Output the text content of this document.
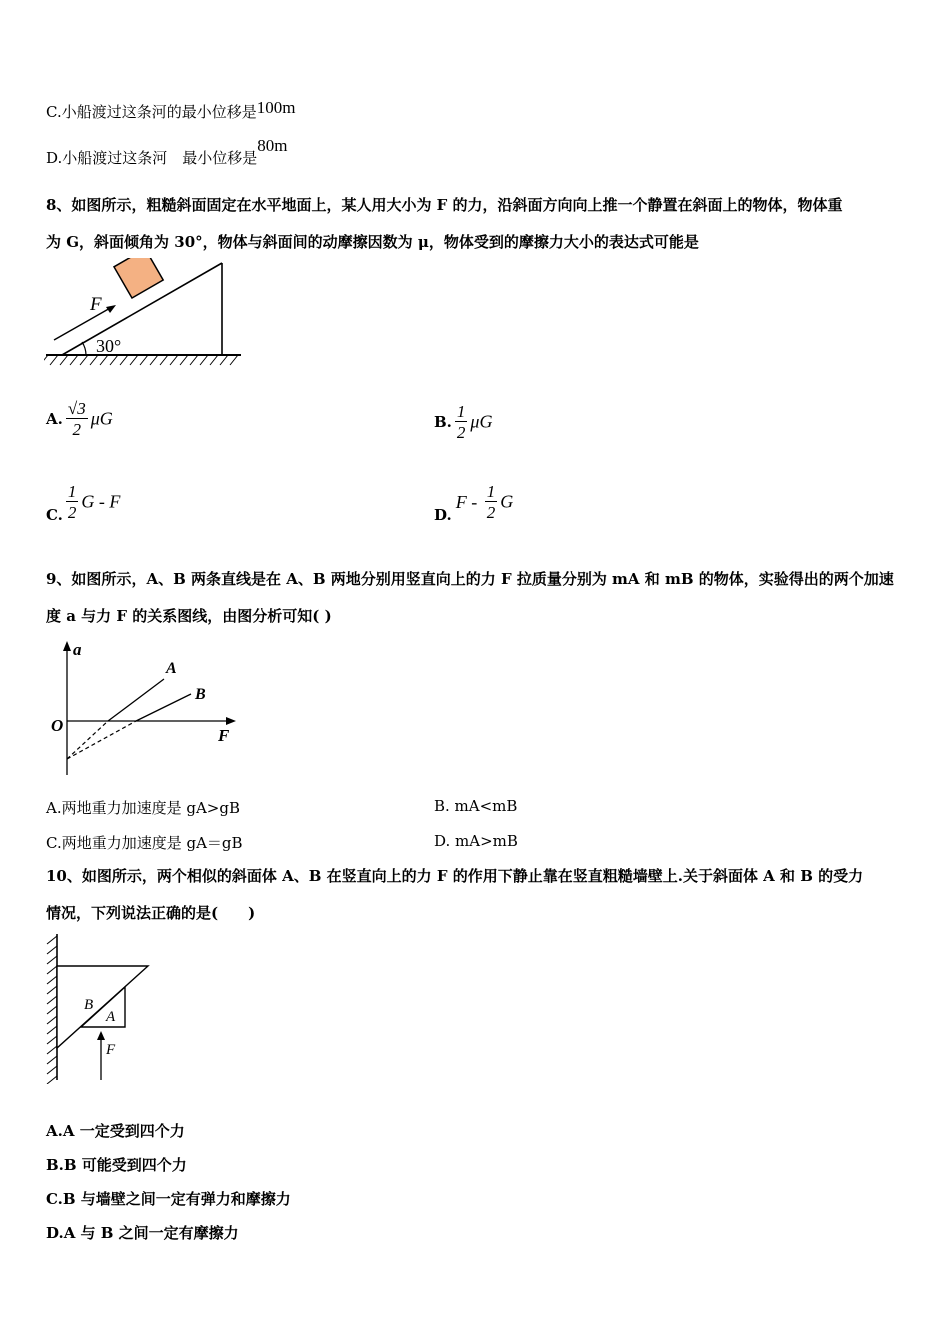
C.小船渡过这条河的最小位移是100m
D.小船渡过这条河　最小位移是80m
8、如图所示，粗糙斜面固定在水平地面上，某人用大小为 F 的力，沿斜面方向向上推一个静置在斜面上的物体，物体重
为 G，斜面倾角为 30°，物体与斜面间的动摩擦因数为 μ，物体受到的摩擦力大小的表达式可能是
F
30°
A. $\frac{√3}{2}$ μG	B. $\frac{1}{2}$ μG
C. $\frac{1}{2}$ G - F
$D.F - \frac{1}{2}$ G
9、如图所示，A、B 两条直线是在 A、B 两地分别用竖直向上的力 F 拉质量分别为 mA 和 mB 的物体，实验得出的两个加速
度 a 与力 F 的关系图线，由图分析可知( )
a
F
O
A
B
A.两地重力加速度是 gA>gB	B. mA<mB
C.两地重力加速度是 gA＝gB	D. mA>mB
10、如图所示，两个相似的斜面体 A、B 在竖直向上的力 F 的作用下静止靠在竖直粗糙墙壁上.关于斜面体 A 和 B 的受力
情况，下列说法正确的是(　　)
B
A
F
A.A 一定受到四个力
B.B 可能受到四个力
C.B 与墙壁之间一定有弹力和摩擦力
D.A 与 B 之间一定有摩擦力
